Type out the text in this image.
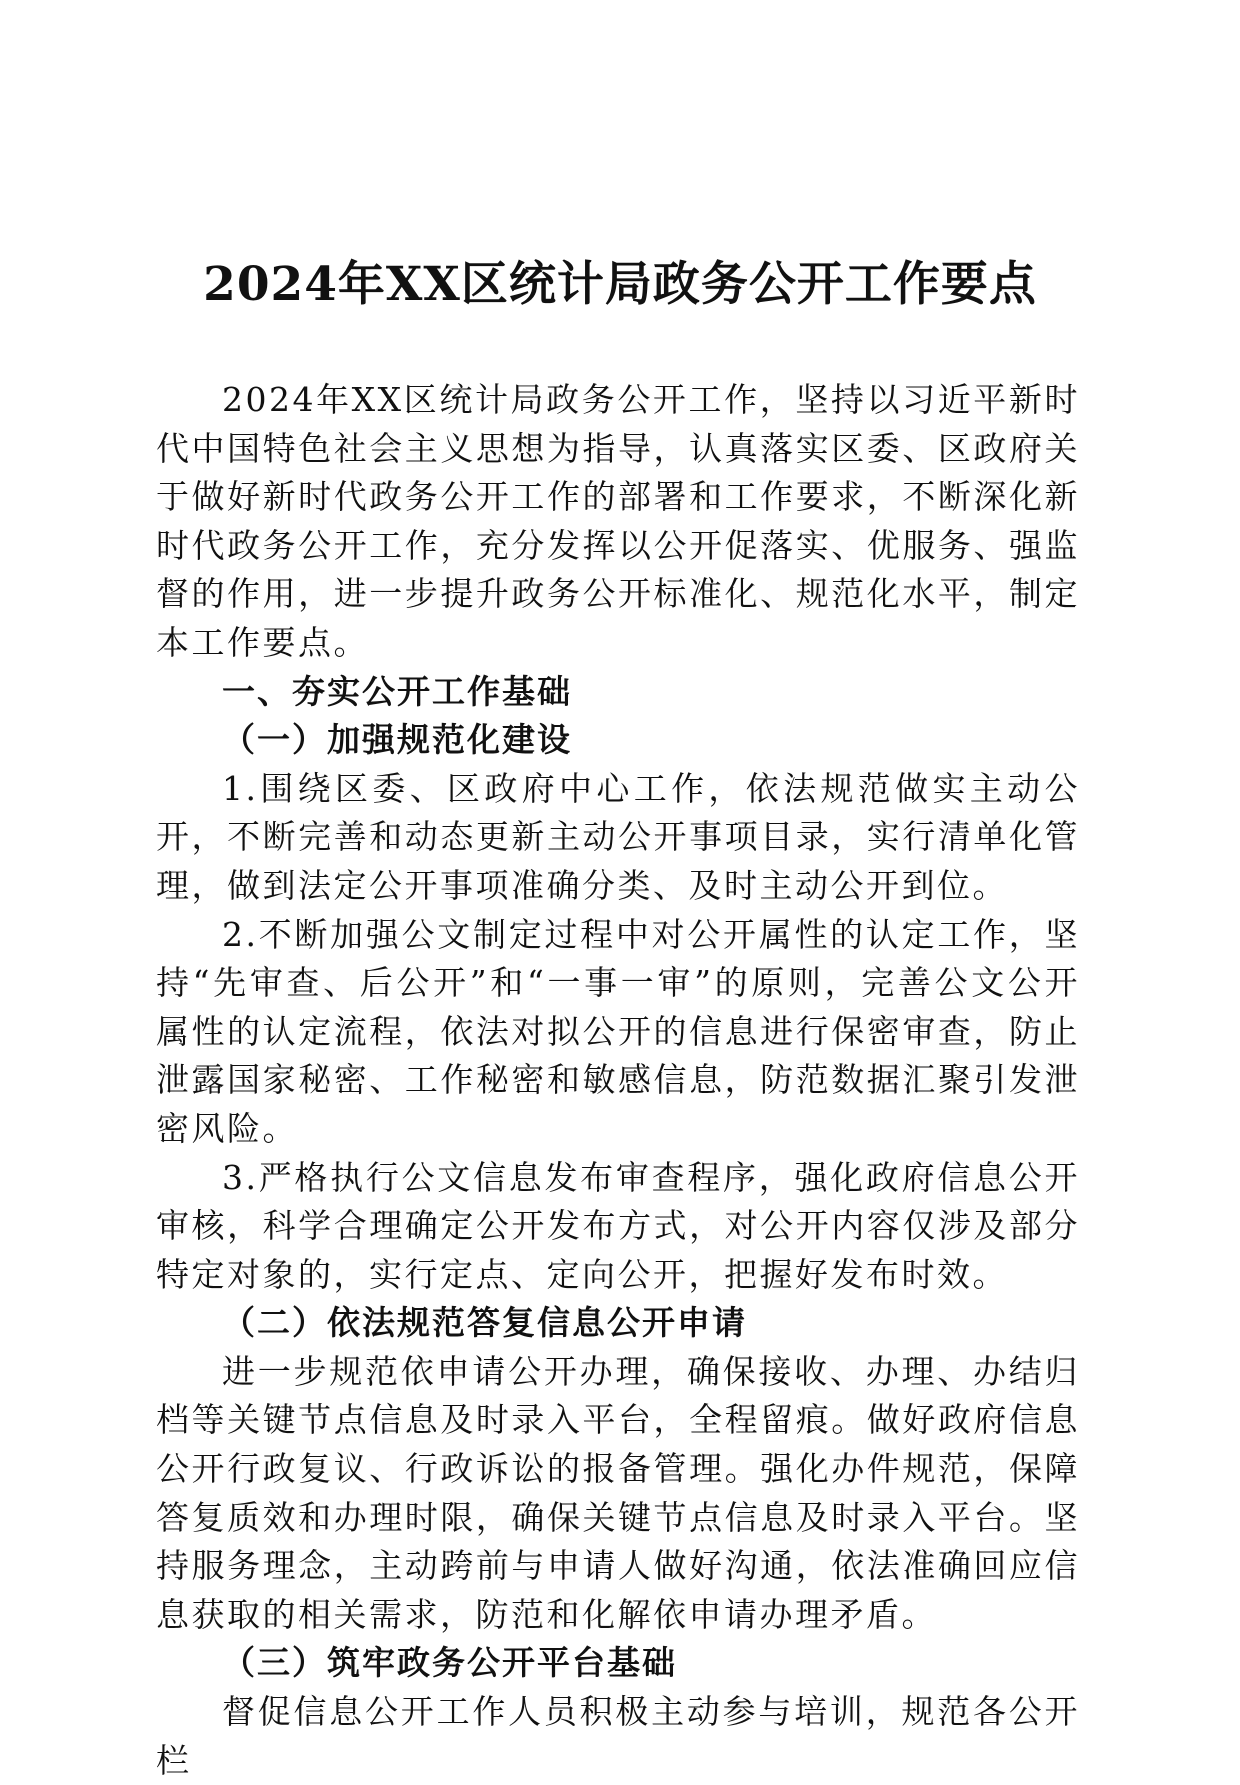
2024年XX区统计局政务公开工作要点

2024年XX区统计局政务公开工作，坚持以习近平新时代中国特色社会主义思想为指导，认真落实区委、区政府关于做好新时代政务公开工作的部署和工作要求，不断深化新时代政务公开工作，充分发挥以公开促落实、优服务、强监督的作用，进一步提升政务公开标准化、规范化水平，制定本工作要点。

一、夯实公开工作基础

（一）加强规范化建设

1.围绕区委、区政府中心工作，依法规范做实主动公开，不断完善和动态更新主动公开事项目录，实行清单化管理，做到法定公开事项准确分类、及时主动公开到位。

2.不断加强公文制定过程中对公开属性的认定工作，坚持“先审查、后公开”和“一事一审”的原则，完善公文公开属性的认定流程，依法对拟公开的信息进行保密审查，防止泄露国家秘密、工作秘密和敏感信息，防范数据汇聚引发泄密风险。

3.严格执行公文信息发布审查程序，强化政府信息公开审核，科学合理确定公开发布方式，对公开内容仅涉及部分特定对象的，实行定点、定向公开，把握好发布时效。

（二）依法规范答复信息公开申请

进一步规范依申请公开办理，确保接收、办理、办结归档等关键节点信息及时录入平台，全程留痕。做好政府信息公开行政复议、行政诉讼的报备管理。强化办件规范，保障答复质效和办理时限，确保关键节点信息及时录入平台。坚持服务理念，主动跨前与申请人做好沟通，依法准确回应信息获取的相关需求，防范和化解依申请办理矛盾。

（三）筑牢政务公开平台基础

督促信息公开工作人员积极主动参与培训，规范各公开栏
